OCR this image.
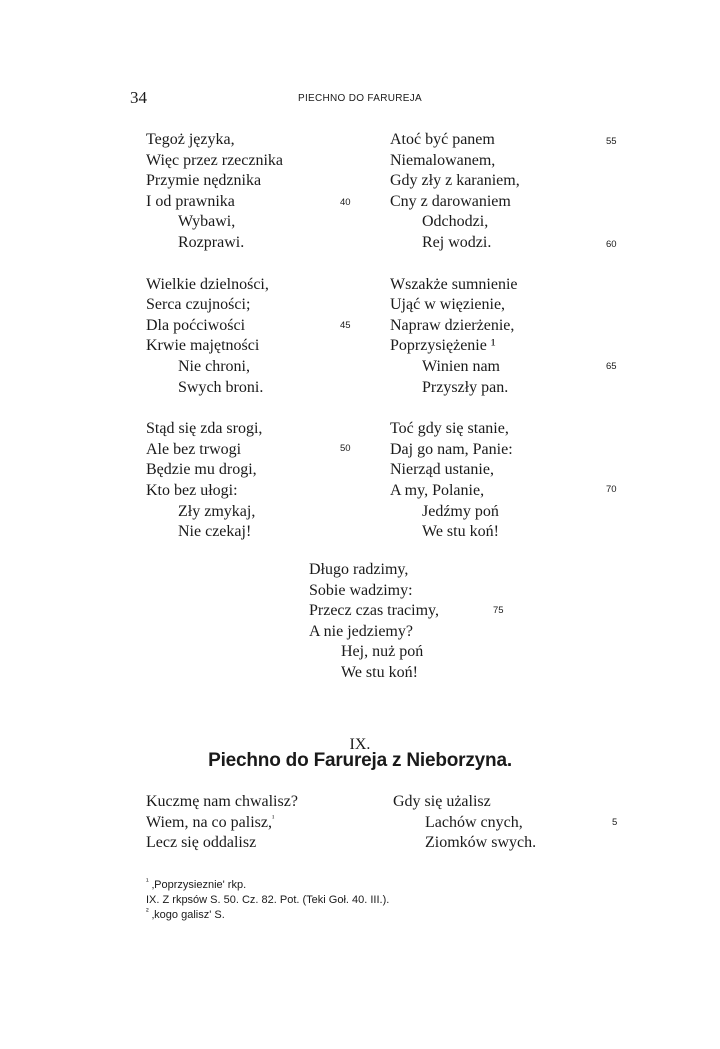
34	PIECHNO DO FARUREJA
Tegoż języka,
Więc przez rzecznika
Przymie nędznika
I od prawnika
Wybawi,
Rozprawi.
Wielkie dzielności,
Serca czujności;
Dla poćciwości
Krwie majętności
Nie chroni,
Swych broni.
Stąd się zda srogi,
Ale bez trwogi
Będzie mu drogi,
Kto bez ułogi:
Zły zmykaj,
Nie czekaj!
Atoć być panem
Niemalowanem,
Gdy zły z karaniem,
Cny z darowaniem
Odchodzi,
Rej wodzi.
Wszakże sumnienie
Ująć w więzienie,
Napraw dzierżenie,
Poprzysiężenie ¹
Winien nam
Przyszły pan.
Toć gdy się stanie,
Daj go nam, Panie:
Nierząd ustanie,
A my, Polanie,
Jedźmy poń
We stu koń!
40
45
50
55
60
65
70
Długo radzimy,
Sobie wadzimy:
Przecz czas tracimy,
A nie jedziemy?
Hej, nuż poń
We stu koń!
75
IX.
Piechno do Farureja z Nieborzyna.
Kuczmę nam chwalisz?
Wiem, na co palisz,$^{^1}$
Lecz się oddalisz
Gdy się użalisz
Lachów cnych,
Ziomków swych.
5
$^{^1}$ ‚Poprzysieznie' rkp.
IX. Z rkpsów S. 50. Cz. 82. Pot. (Teki Goł. 40. III.).
$^{^2}$ ‚kogo galisz' S.
